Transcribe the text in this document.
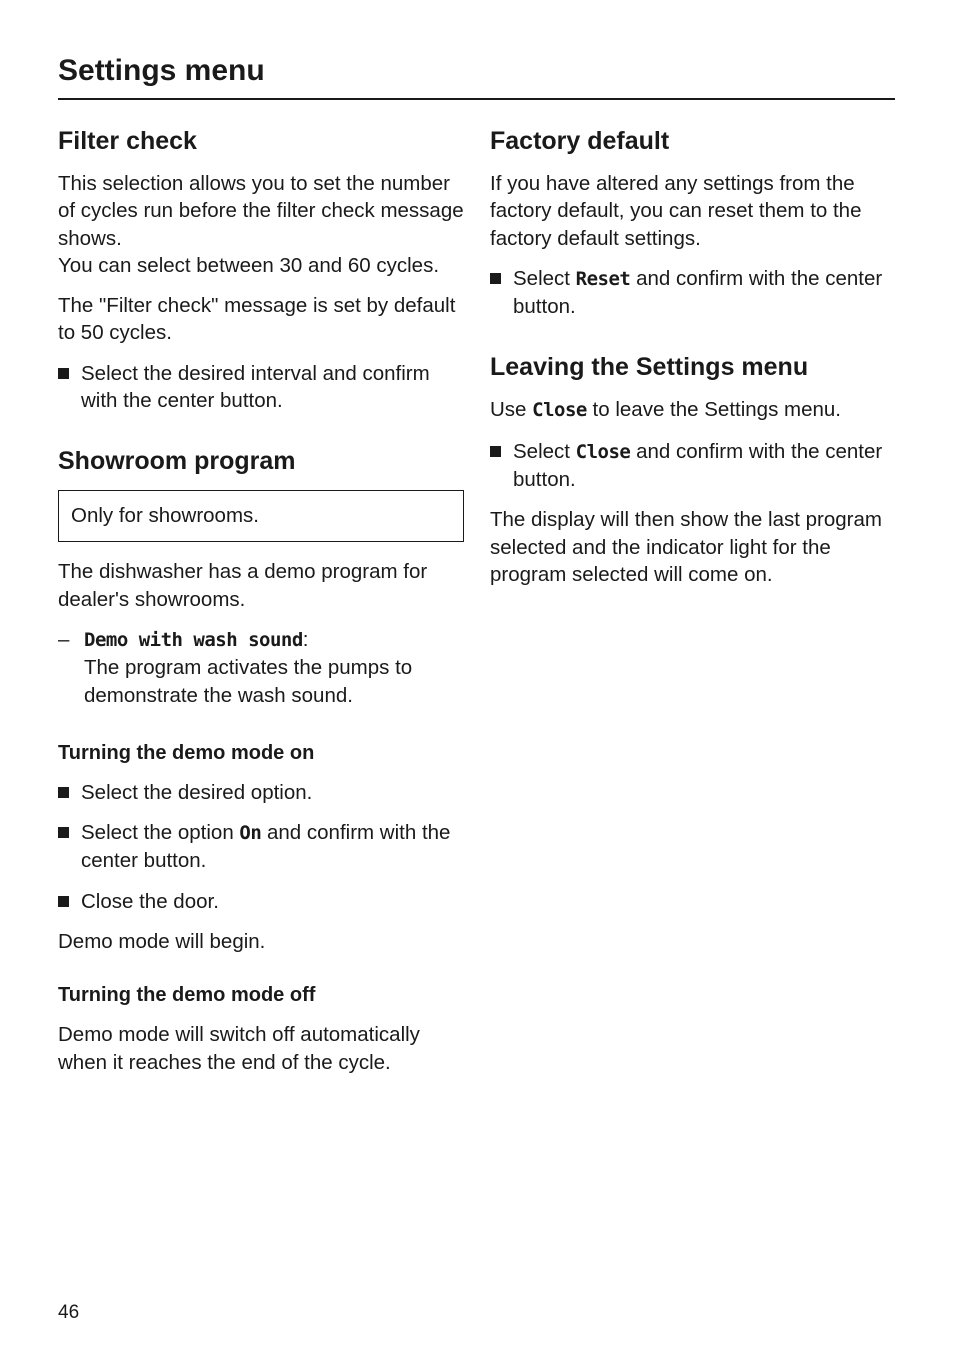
Settings menu
Filter check

This selection allows you to set the number of cycles run before the filter check message shows.
You can select between 30 and 60 cycles.

The "Filter check" message is set by default to 50 cycles.

Select the desired interval and confirm with the center button.
Showroom program
Only for showrooms.

The dishwasher has a demo program for dealer's showrooms.

– Demo with wash sound:
The program activates the pumps to demonstrate the wash sound.
Turning the demo mode on
Select the desired option.
Select the option On and confirm with the center button.
Close the door.

Demo mode will begin.

Turning the demo mode off

Demo mode will switch off automatically when it reaches the end of the cycle.

Factory default

If you have altered any settings from the factory default, you can reset them to the factory default settings.

Select Reset and confirm with the center button.
Leaving the Settings menu

Use Close to leave the Settings menu.

Select Close and confirm with the center button.

The display will then show the last program selected and the indicator light for the program selected will come on.

46
